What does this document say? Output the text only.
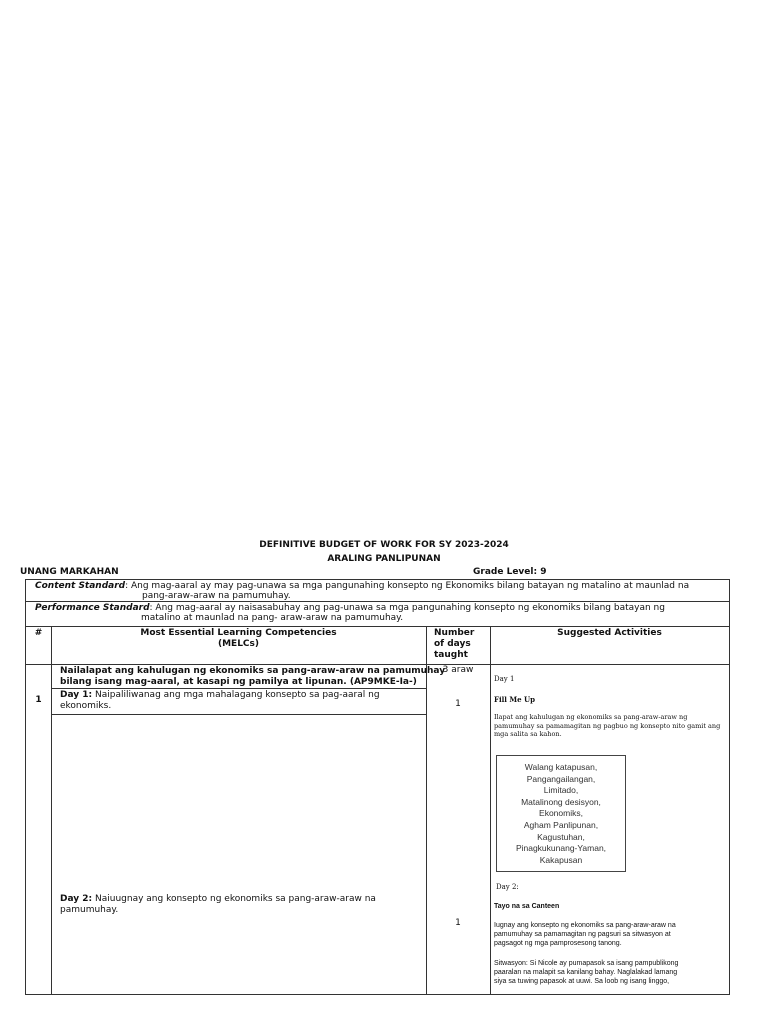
DEFINITIVE BUDGET OF WORK FOR SY 2023-2024
ARALING PANLIPUNAN
UNANG MARKAHAN	Grade Level: 9
Content Standard: Ang mag-aaral ay may pag-unawa sa mga pangunahing konsepto ng Ekonomiks bilang batayan ng matalino at maunlad na
pang-araw-araw na pamumuhay.
Performance Standard: Ang mag-aaral ay naisasabuhay ang pag-unawa sa mga pangunahing konsepto ng ekonomiks bilang batayan ng
matalino at maunlad na pang- araw-araw na pamumuhay.
#	Most Essential Learning Competencies
(MELCs)
Number
of days
taught
Suggested Activities
1
Nailalapat ang kahulugan ng ekonomiks sa pang-araw-araw na pamumuhay
bilang isang mag-aaral, at kasapi ng pamilya at lipunan. (AP9MKE-Ia-)
Day 1: Naipaliliwanag ang mga mahalagang konsepto sa pag-aaral ng
ekonomiks.
Day 2: Naiuugnay ang konsepto ng ekonomiks sa pang-araw-araw na
pamumuhay.
3 araw
1
1
Day 1
Fill Me Up
Ilapat ang kahulugan ng ekonomiks sa pang-araw-araw ng
pamumuhay sa pamamagitan ng pagbuo ng konsepto nito gamit ang
mga salita sa kahon.
Walang katapusan,
Pangangailangan,
Limitado,
Matalinong desisyon,
Ekonomiks,
Agham Panlipunan,
Kagustuhan,
Pinagkukunang-Yaman,
Kakapusan
Day 2:
Tayo na sa Canteen
Iugnay ang konsepto ng ekonomiks sa pang-araw-araw na
pamumuhay sa pamamagitan ng pagsuri sa sitwasyon at
pagsagot ng mga pamprosesong tanong.
Sitwasyon: Si Nicole ay pumapasok sa isang pampublikong
paaralan na malapit sa kanilang bahay. Naglalakad lamang
siya sa tuwing papasok at uuwi. Sa loob ng isang linggo,
